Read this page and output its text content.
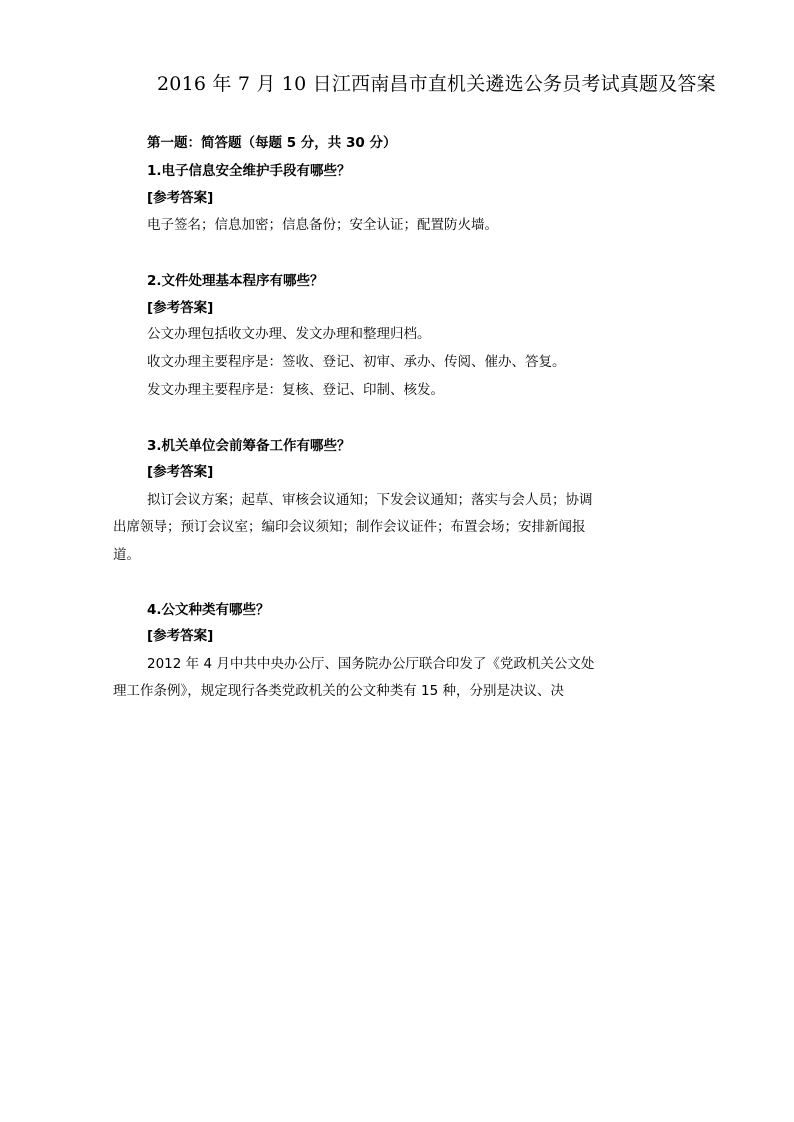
2016 年 7 月 10 日江西南昌市直机关遴选公务员考试真题及答案
第一题：简答题（每题 5 分，共 30 分）
1.电子信息安全维护手段有哪些？
[参考答案]
电子签名；信息加密；信息备份；安全认证；配置防火墙。
2.文件处理基本程序有哪些？
[参考答案]
公文办理包括收文办理、发文办理和整理归档。
收文办理主要程序是：签收、登记、初审、承办、传阅、催办、答复。
发文办理主要程序是：复核、登记、印制、核发。
3.机关单位会前筹备工作有哪些？
[参考答案]
拟订会议方案；起草、审核会议通知；下发会议通知；落实与会人员；协调
出席领导；预订会议室；编印会议须知；制作会议证件；布置会场；安排新闻报
道。
4.公文种类有哪些？
[参考答案]
2012 年 4 月中共中央办公厅、国务院办公厅联合印发了《党政机关公文处
理工作条例》，规定现行各类党政机关的公文种类有 15 种，分别是决议、决
